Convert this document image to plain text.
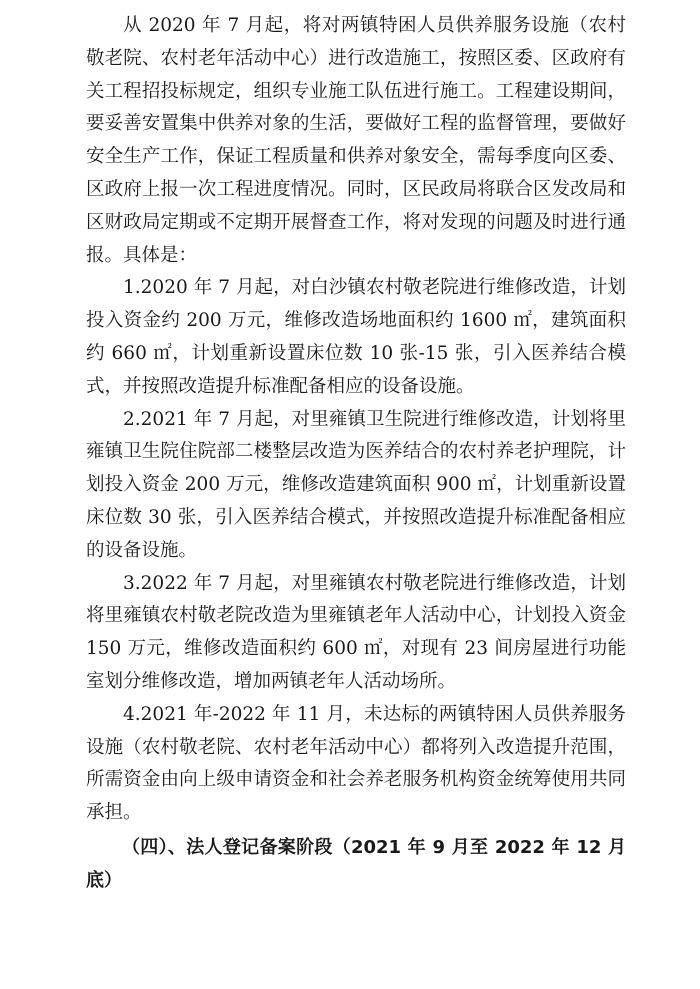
从 2020 年 7 月起，将对两镇特困人员供养服务设施（农村敬老院、农村老年活动中心）进行改造施工，按照区委、区政府有关工程招投标规定，组织专业施工队伍进行施工。工程建设期间，要妥善安置集中供养对象的生活，要做好工程的监督管理，要做好安全生产工作，保证工程质量和供养对象安全，需每季度向区委、区政府上报一次工程进度情况。同时，区民政局将联合区发改局和区财政局定期或不定期开展督查工作，将对发现的问题及时进行通报。具体是：

1.2020 年 7 月起，对白沙镇农村敬老院进行维修改造，计划投入资金约 200 万元，维修改造场地面积约 1600 ㎡，建筑面积约 660 ㎡，计划重新设置床位数 10 张-15 张，引入医养结合模式，并按照改造提升标准配备相应的设备设施。

2.2021 年 7 月起，对里雍镇卫生院进行维修改造，计划将里雍镇卫生院住院部二楼整层改造为医养结合的农村养老护理院，计划投入资金 200 万元，维修改造建筑面积 900 ㎡，计划重新设置床位数 30 张，引入医养结合模式，并按照改造提升标准配备相应的设备设施。

3.2022 年 7 月起，对里雍镇农村敬老院进行维修改造，计划将里雍镇农村敬老院改造为里雍镇老年人活动中心，计划投入资金 150 万元，维修改造面积约 600 ㎡，对现有 23 间房屋进行功能室划分维修改造，增加两镇老年人活动场所。

4.2021 年-2022 年 11 月，未达标的两镇特困人员供养服务设施（农村敬老院、农村老年活动中心）都将列入改造提升范围，所需资金由向上级申请资金和社会养老服务机构资金统筹使用共同承担。

（四）、法人登记备案阶段（2021 年 9 月至 2022 年 12 月底）
